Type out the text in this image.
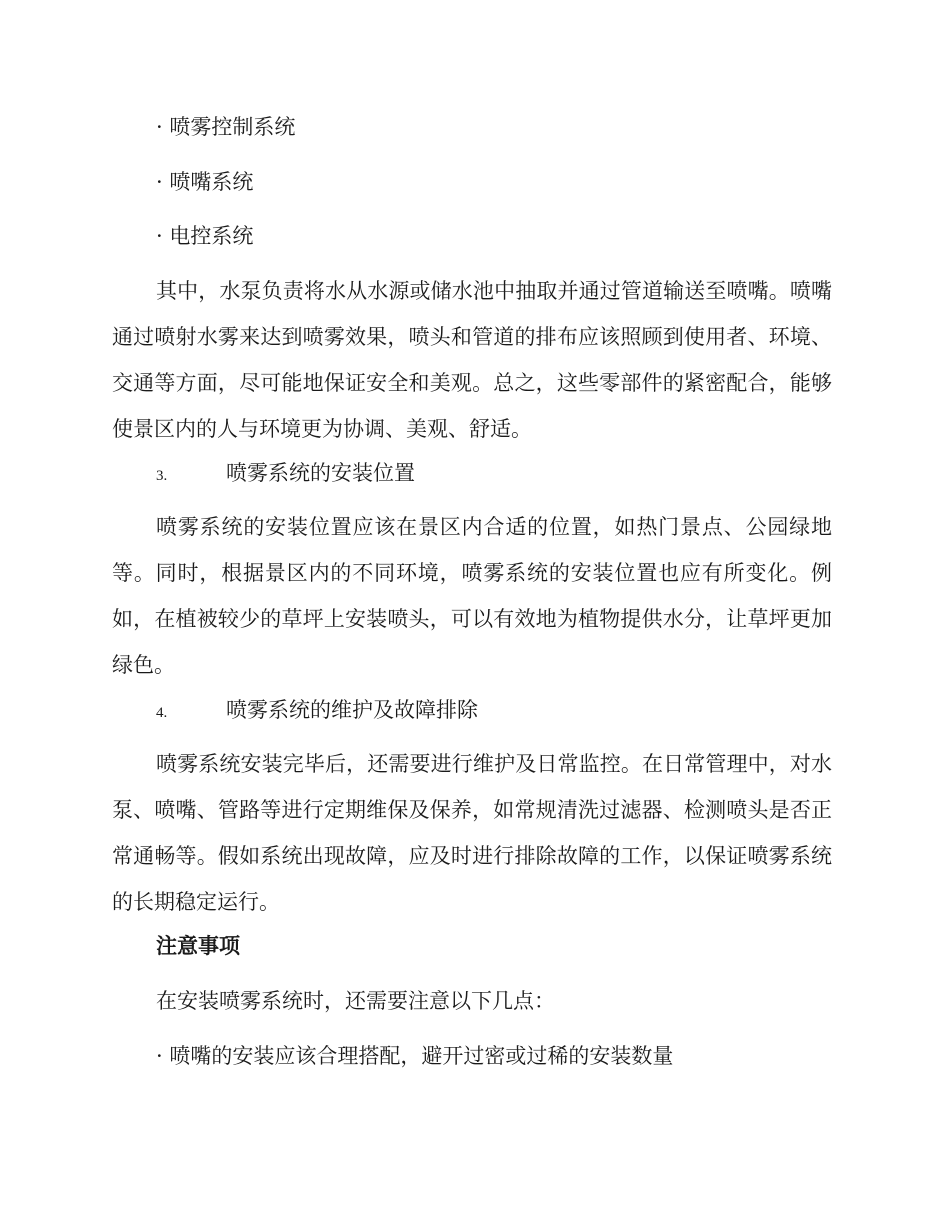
· 喷雾控制系统
· 喷嘴系统
· 电控系统

其中，水泵负责将水从水源或储水池中抽取并通过管道输送至喷嘴。喷嘴通过喷射水雾来达到喷雾效果，喷头和管道的排布应该照顾到使用者、环境、交通等方面，尽可能地保证安全和美观。总之，这些零部件的紧密配合，能够使景区内的人与环境更为协调、美观、舒适。

3.	喷雾系统的安装位置

喷雾系统的安装位置应该在景区内合适的位置，如热门景点、公园绿地等。同时，根据景区内的不同环境，喷雾系统的安装位置也应有所变化。例如，在植被较少的草坪上安装喷头，可以有效地为植物提供水分，让草坪更加绿色。

4.	喷雾系统的维护及故障排除

喷雾系统安装完毕后，还需要进行维护及日常监控。在日常管理中，对水泵、喷嘴、管路等进行定期维保及保养，如常规清洗过滤器、检测喷头是否正常通畅等。假如系统出现故障，应及时进行排除故障的工作，以保证喷雾系统的长期稳定运行。

注意事项
在安装喷雾系统时，还需要注意以下几点：
· 喷嘴的安装应该合理搭配，避开过密或过稀的安装数量
